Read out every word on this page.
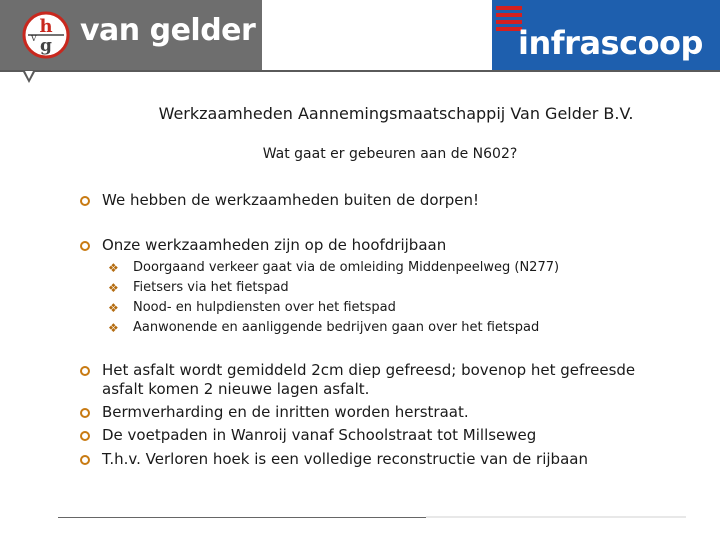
h
g
v van gelder	infrascoop
Werkzaamheden Aannemingsmaatschappij Van Gelder B.V.
Wat gaat er gebeuren aan de N602?
We hebben de werkzaamheden buiten de dorpen!
Onze werkzaamheden zijn op de hoofdrijbaan
❖ Doorgaand verkeer gaat via de omleiding Middenpeelweg (N277)
❖ Fietsers via het fietspad
❖ Nood- en hulpdiensten over het fietspad
❖ Aanwonende en aanliggende bedrijven gaan over het fietspad
Het asfalt wordt gemiddeld 2cm diep gefreesd; bovenop het gefreesde
asfalt komen 2 nieuwe lagen asfalt.
Bermverharding en de inritten worden herstraat.
De voetpaden in Wanroij vanaf Schoolstraat tot Millseweg
T.h.v. Verloren hoek is een volledige reconstructie van de rijbaan
